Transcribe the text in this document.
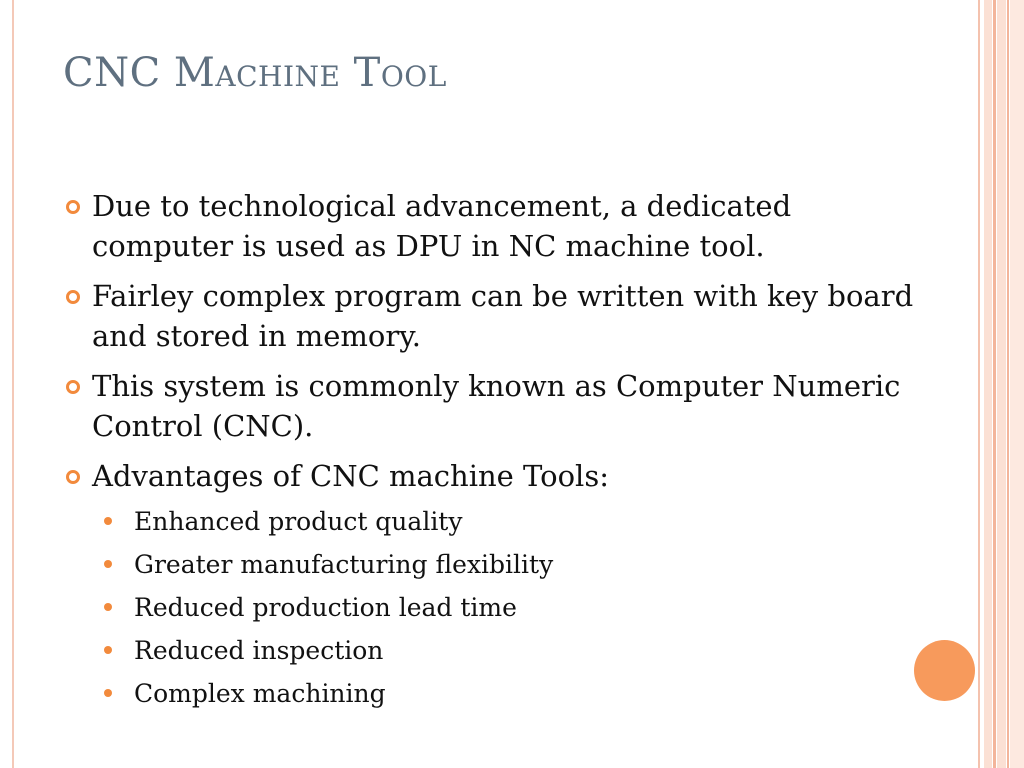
CNC Machine Tool
Due to technological advancement, a dedicated computer is used as DPU in NC machine tool.
Fairley complex program can be written with key board and stored in memory.
This system is commonly known as Computer Numeric Control (CNC).
Advantages of CNC machine Tools:
Enhanced product quality
Greater manufacturing flexibility
Reduced production lead time
Reduced inspection
Complex machining
